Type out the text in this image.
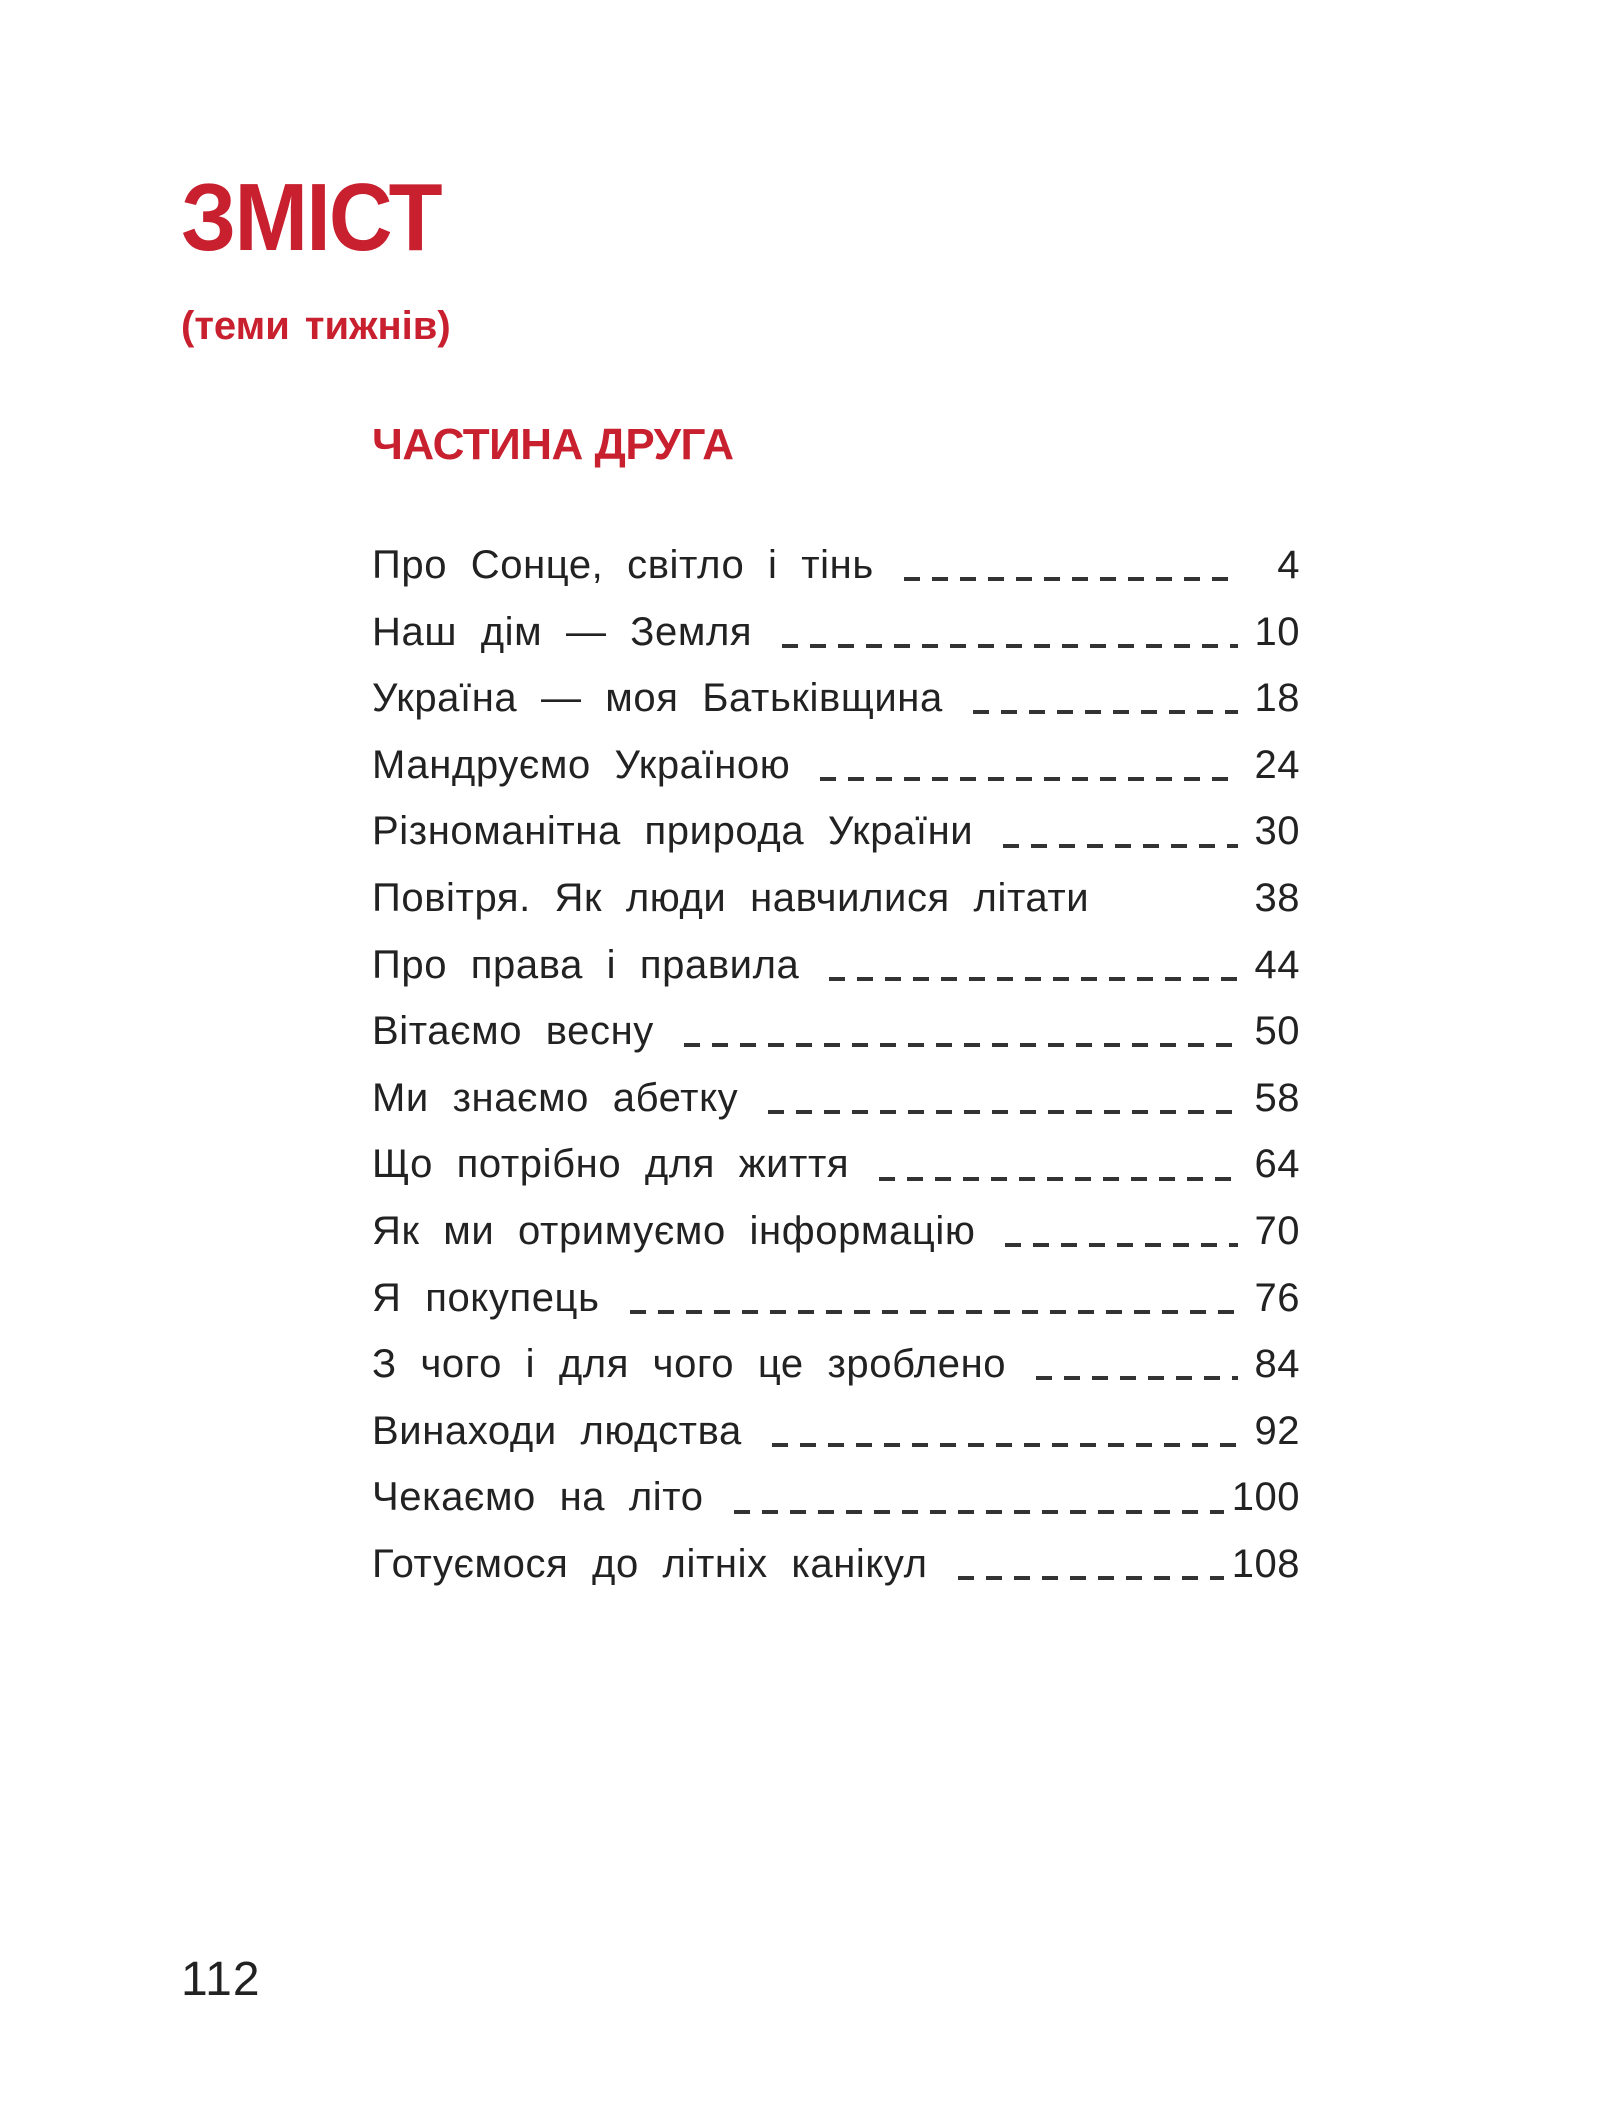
ЗМІСТ
(теми тижнів)
ЧАСТИНА ДРУГА
Про Сонце, світло і тінь	4
Наш дім — Земля	10
Україна — моя Батьківщина	18
Мандруємо Україною	24
Різноманітна природа України	30
Повітря. Як люди навчилися літати	38
Про права і правила	44
Вітаємо весну	50
Ми знаємо абетку	58
Що потрібно для життя	64
Як ми отримуємо інформацію	70
Я покупець	76
З чого і для чого це зроблено	84
Винаходи людства	92
Чекаємо на літо	100
Готуємося до літніх канікул	108
112
